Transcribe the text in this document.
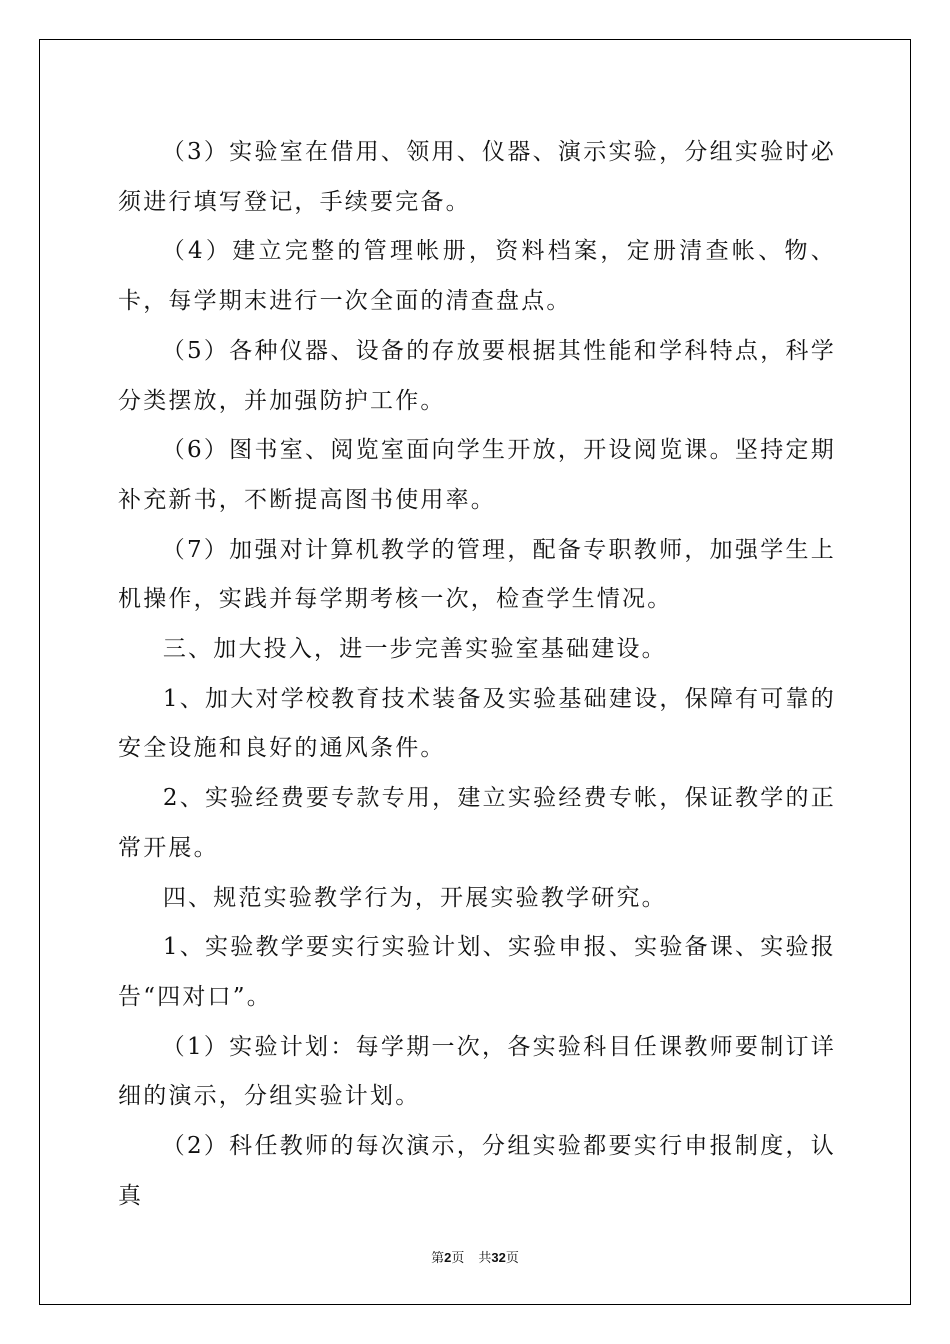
（3）实验室在借用、领用、仪器、演示实验，分组实验时必须进行填写登记，手续要完备。

（4）建立完整的管理帐册，资料档案，定册清查帐、物、卡，每学期末进行一次全面的清查盘点。

（5）各种仪器、设备的存放要根据其性能和学科特点，科学分类摆放，并加强防护工作。

（6）图书室、阅览室面向学生开放，开设阅览课。坚持定期补充新书，不断提高图书使用率。

（7）加强对计算机教学的管理，配备专职教师，加强学生上机操作，实践并每学期考核一次，检查学生情况。

三、加大投入，进一步完善实验室基础建设。

1、加大对学校教育技术装备及实验基础建设，保障有可靠的安全设施和良好的通风条件。

2、实验经费要专款专用，建立实验经费专帐，保证教学的正常开展。

四、规范实验教学行为，开展实验教学研究。

1、实验教学要实行实验计划、实验申报、实验备课、实验报告“四对口”。

（1）实验计划：每学期一次，各实验科目任课教师要制订详细的演示，分组实验计划。

（2）科任教师的每次演示，分组实验都要实行申报制度，认真

第2页 共32页
